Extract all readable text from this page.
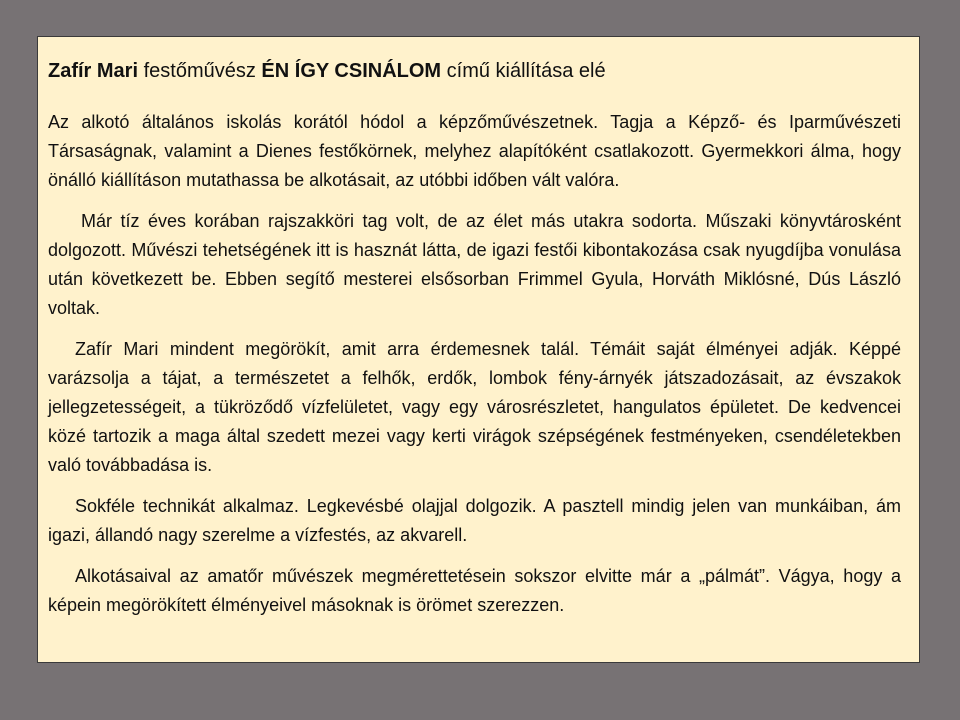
Zafír Mari festőművész ÉN ÍGY CSINÁLOM című kiállítása elé

Az alkotó általános iskolás korától hódol a képzőművészetnek. Tagja a Képző- és Iparművészeti Társaságnak, valamint a Dienes festőkörnek, melyhez alapítóként csatlakozott. Gyermekkori álma, hogy önálló kiállításon mutathassa be alkotásait, az utóbbi időben vált valóra.

Már tíz éves korában rajszakköri tag volt, de az élet más utakra sodorta. Műszaki könyvtárosként dolgozott. Művészi tehetségének itt is hasznát látta, de igazi festői kibontakozása csak nyugdíjba vonulása után következett be. Ebben segítő mesterei elsősorban Frimmel Gyula, Horváth Miklósné, Dús László voltak.

Zafír Mari mindent megörökít, amit arra érdemesnek talál. Témáit saját élményei adják. Képpé varázsolja a tájat, a természetet a felhők, erdők, lombok fény-árnyék játszadozásait, az évszakok jellegzetességeit, a tükröződő vízfelületet, vagy egy városrészletet, hangulatos épületet. De kedvencei közé tartozik a maga által szedett mezei vagy kerti virágok szépségének festményeken, csendéletekben való továbbadása is.

Sokféle technikát alkalmaz. Legkevésbé olajjal dolgozik. A pasztell mindig jelen van munkáiban, ám igazi, állandó nagy szerelme a vízfestés, az akvarell.

Alkotásaival az amatőr művészek megmérettetésein sokszor elvitte már a „pálmát”. Vágya, hogy a képein megörökített élményeivel másoknak is örömet szerezzen.
